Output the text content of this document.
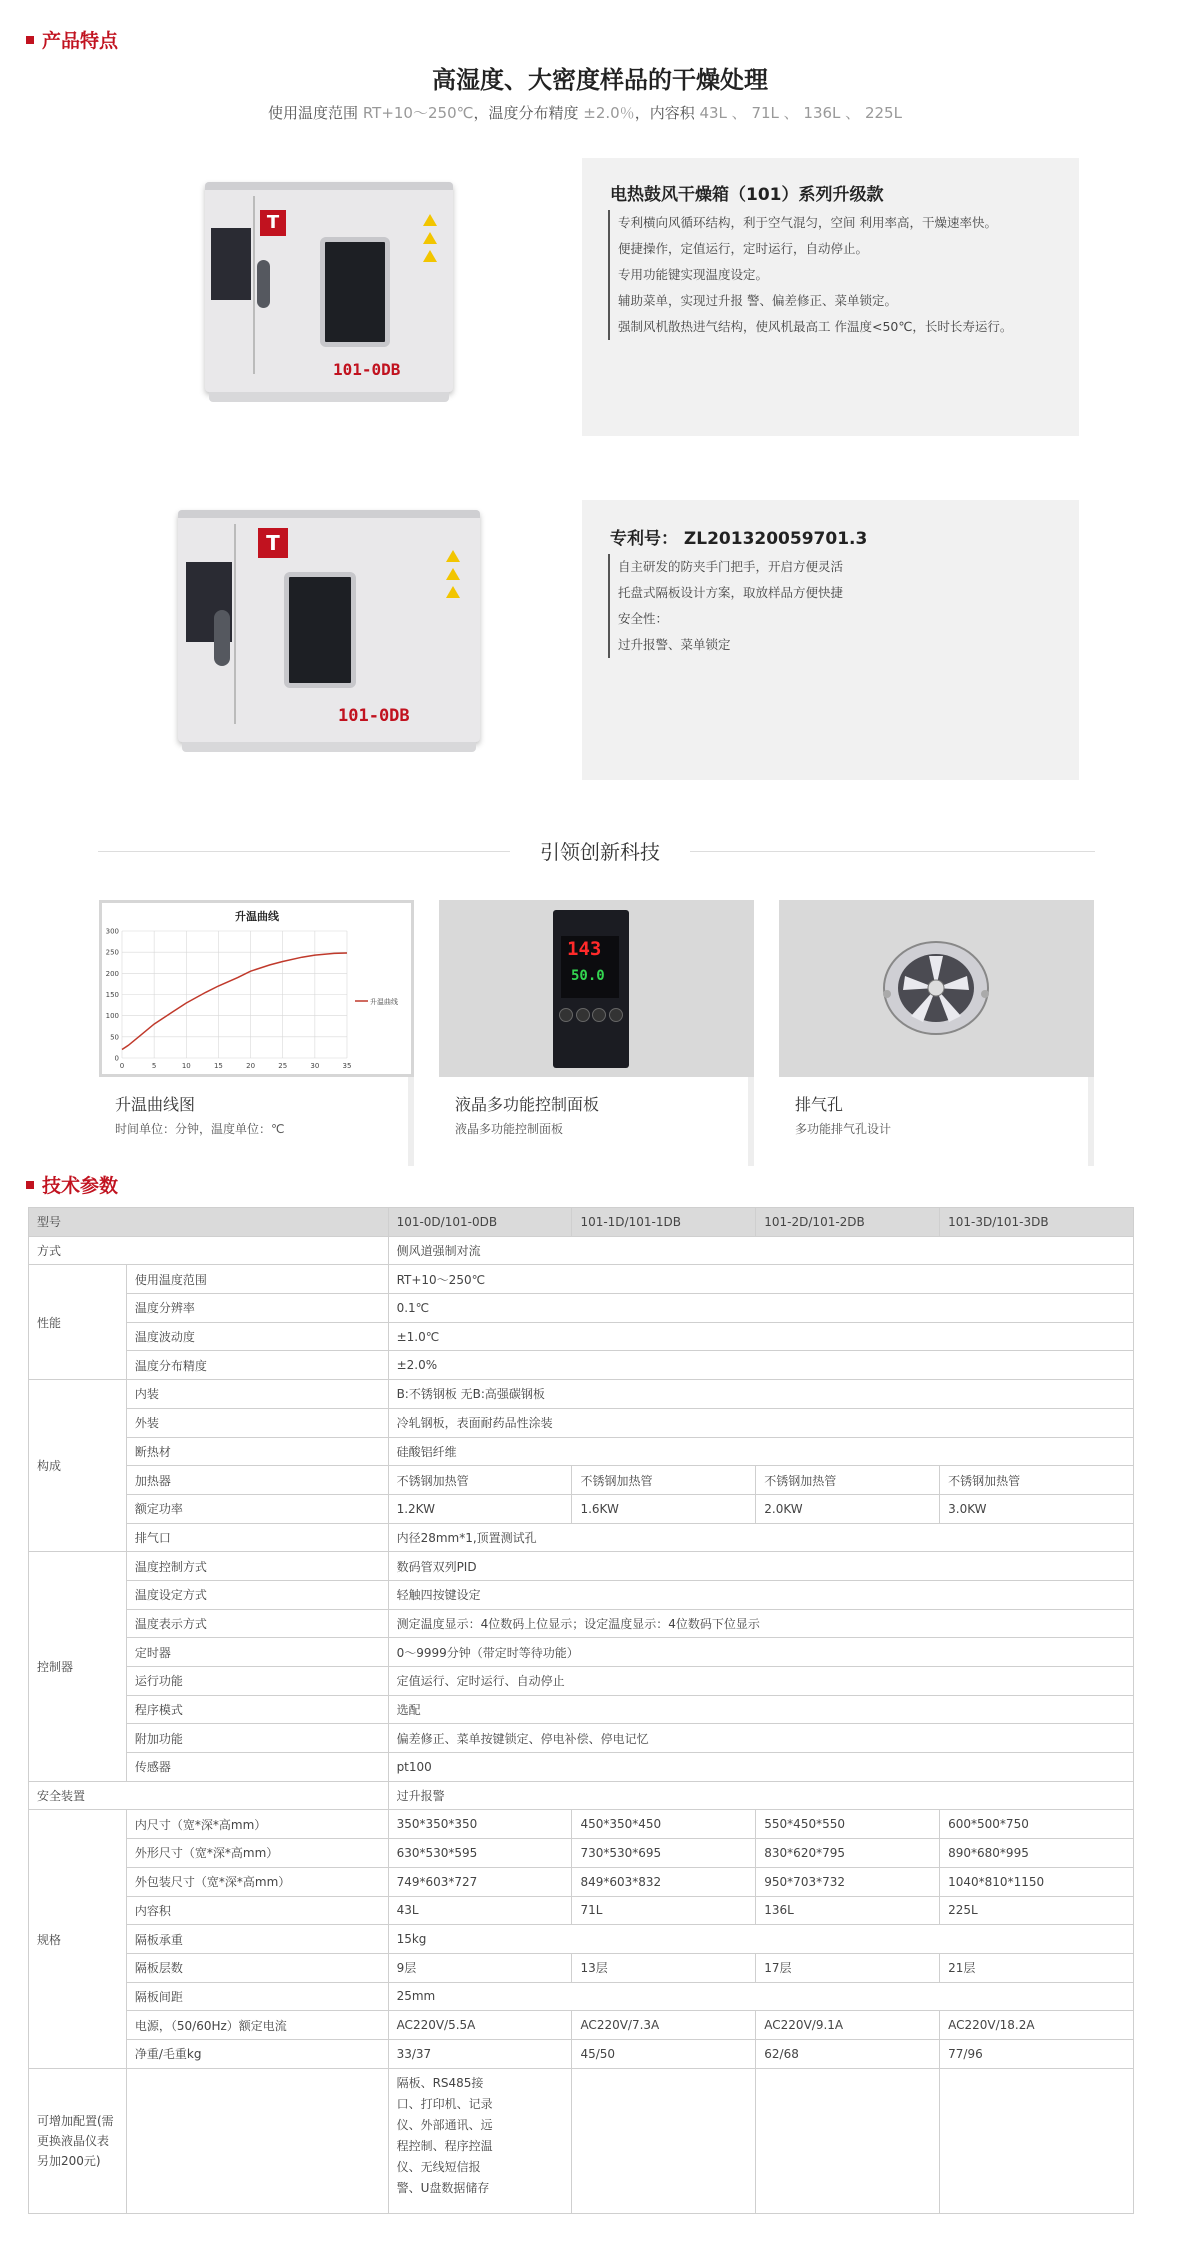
产品特点
高湿度、大密度样品的干燥处理
使用温度范围 RT+10～250℃，温度分布精度 ±2.0％，内容积 43L 、 71L 、 136L 、 225L
T
101-0DB
电热鼓风干燥箱（101）系列升级款
专利横向风循环结构，利于空气混匀，空间 利用率高，干燥速率快。
便捷操作，定值运行，定时运行，自动停止。
专用功能键实现温度设定。
辅助菜单，实现过升报 警、偏差修正、菜单锁定。
强制风机散热进气结构，使风机最高工 作温度<50℃，长时长寿运行。
T
101-0DB
专利号： ZL201320059701.3
自主研发的防夹手门把手，开启方便灵活
托盘式隔板设计方案，取放样品方便快捷
安全性：
过升报警、菜单锁定
引领创新科技
升温曲线
0	5	10	15	20	25	30	35
0
50
100
150
200
250
300
升温曲线
升温曲线图
时间单位：分钟，温度单位：℃
143
50.0
液晶多功能控制面板
液晶多功能控制面板
排气孔
多功能排气孔设计
技术参数
型号		101-0D/101-0DB	101-1D/101-1DB	101-2D/101-2DB	101-3D/101-3DB
方式		侧风道强制对流			
性能	使用温度范围	RT+10～250℃			
	温度分辨率	0.1℃			
	温度波动度	±1.0℃			
	温度分布精度	±2.0%			
构成	内装	B:不锈钢板 无B:高强碳钢板			
	外装	冷轧钢板，表面耐药品性涂装			
	断热材	硅酸铝纤维			
	加热器	不锈钢加热管	不锈钢加热管	不锈钢加热管	不锈钢加热管
	额定功率	1.2KW	1.6KW	2.0KW	3.0KW
	排气口	内径28mm*1,顶置测试孔			
控制器	温度控制方式	数码管双列PID			
	温度设定方式	轻触四按键设定			
	温度表示方式	测定温度显示：4位数码上位显示；设定温度显示：4位数码下位显示			
	定时器	0～9999分钟（带定时等待功能）			
	运行功能	定值运行、定时运行、自动停止			
	程序模式	选配			
	附加功能	偏差修正、菜单按键锁定、停电补偿、停电记忆			
	传感器	pt100			
安全装置		过升报警			
规格	内尺寸（宽*深*高mm）	350*350*350	450*350*450	550*450*550	600*500*750
	外形尺寸（宽*深*高mm）	630*530*595	730*530*695	830*620*795	890*680*995
	外包装尺寸（宽*深*高mm）	749*603*727	849*603*832	950*703*732	1040*810*1150
	内容积	43L	71L	136L	225L
	隔板承重	15kg			
	隔板层数	9层	13层	17层	21层
	隔板间距	25mm			
	电源，（50/60Hz）额定电流	AC220V/5.5A	AC220V/7.3A	AC220V/9.1A	AC220V/18.2A
	净重/毛重kg	33/37	45/50	62/68	77/96
可增加配置(需更换液晶仪表另加200元)		隔板、RS485接口、打印机、记录仪、外部通讯、远程控制、程序控温仪、无线短信报警、U盘数据储存			
